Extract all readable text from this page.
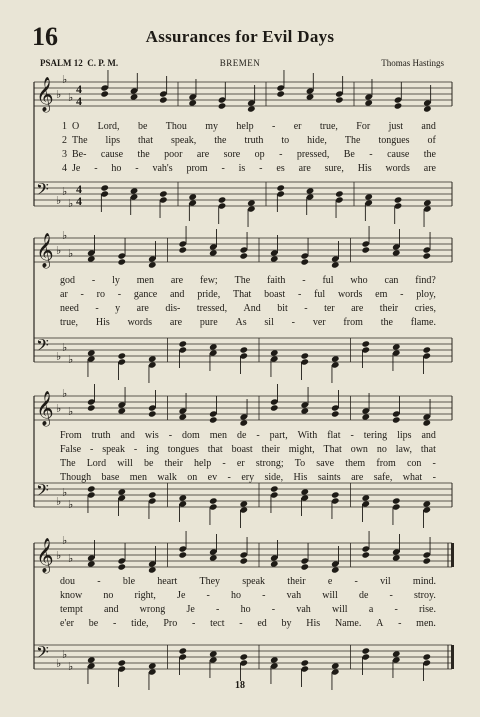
16	Assurances for Evil Days
PSALM 12 C. P. M.	BREMEN	Thomas Hastings
𝄞 ♭
♭
♭
4
4
𝄢 ♭
♭
♭
4
4
𝄞 ♭
♭
♭
𝄢 ♭
♭
♭
𝄞 ♭
♭
♭
𝄢 ♭
♭
♭
𝄞 ♭
♭
♭
𝄢 ♭
♭
♭
1 O Lord, be Thou my help - er true, For just and
2 The lips that speak, the truth to hide, The tongues of
3 Be- cause the poor are sore op - pressed, Be - cause the
4 Je - ho - vah's prom - is - es are sure, His words are
god - ly men are few; The faith - ful who can find?
ar - ro - gance and pride, That boast - ful words em - ploy,
need - y are dis- tressed, And bit - ter are their cries,
true, His words are pure As sil - ver from the flame.
From truth and wis - dom men de - part, With flat - tering lips and
False - speak - ing tongues that boast their might, That own no law, that
The Lord will be their help - er strong; To save them from con -
Though base men walk on ev - ery side, His saints are safe, what -
dou - ble heart They speak their e - vil mind.
know no right, Je - ho - vah will de - stroy.
tempt and wrong Je - ho - vah will a - rise.
e'er be - tide, Pro - tect - ed by His Name. A - men.
18
